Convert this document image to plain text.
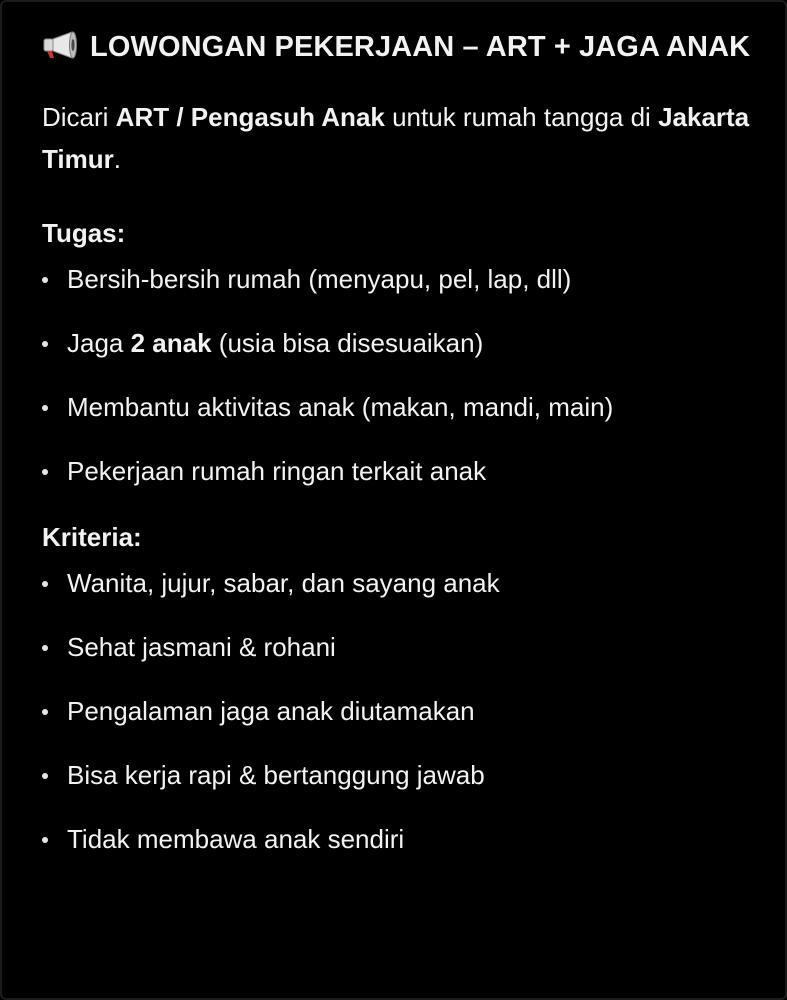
LOWONGAN PEKERJAAN – ART + JAGA ANAK

Dicari ART / Pengasuh Anak untuk rumah tangga di Jakarta Timur.

Tugas:
Bersih-bersih rumah (menyapu, pel, lap, dll)
Jaga 2 anak (usia bisa disesuaikan)
Membantu aktivitas anak (makan, mandi, main)
Pekerjaan rumah ringan terkait anak
Kriteria:
Wanita, jujur, sabar, dan sayang anak
Sehat jasmani & rohani
Pengalaman jaga anak diutamakan
Bisa kerja rapi & bertanggung jawab
Tidak membawa anak sendiri
